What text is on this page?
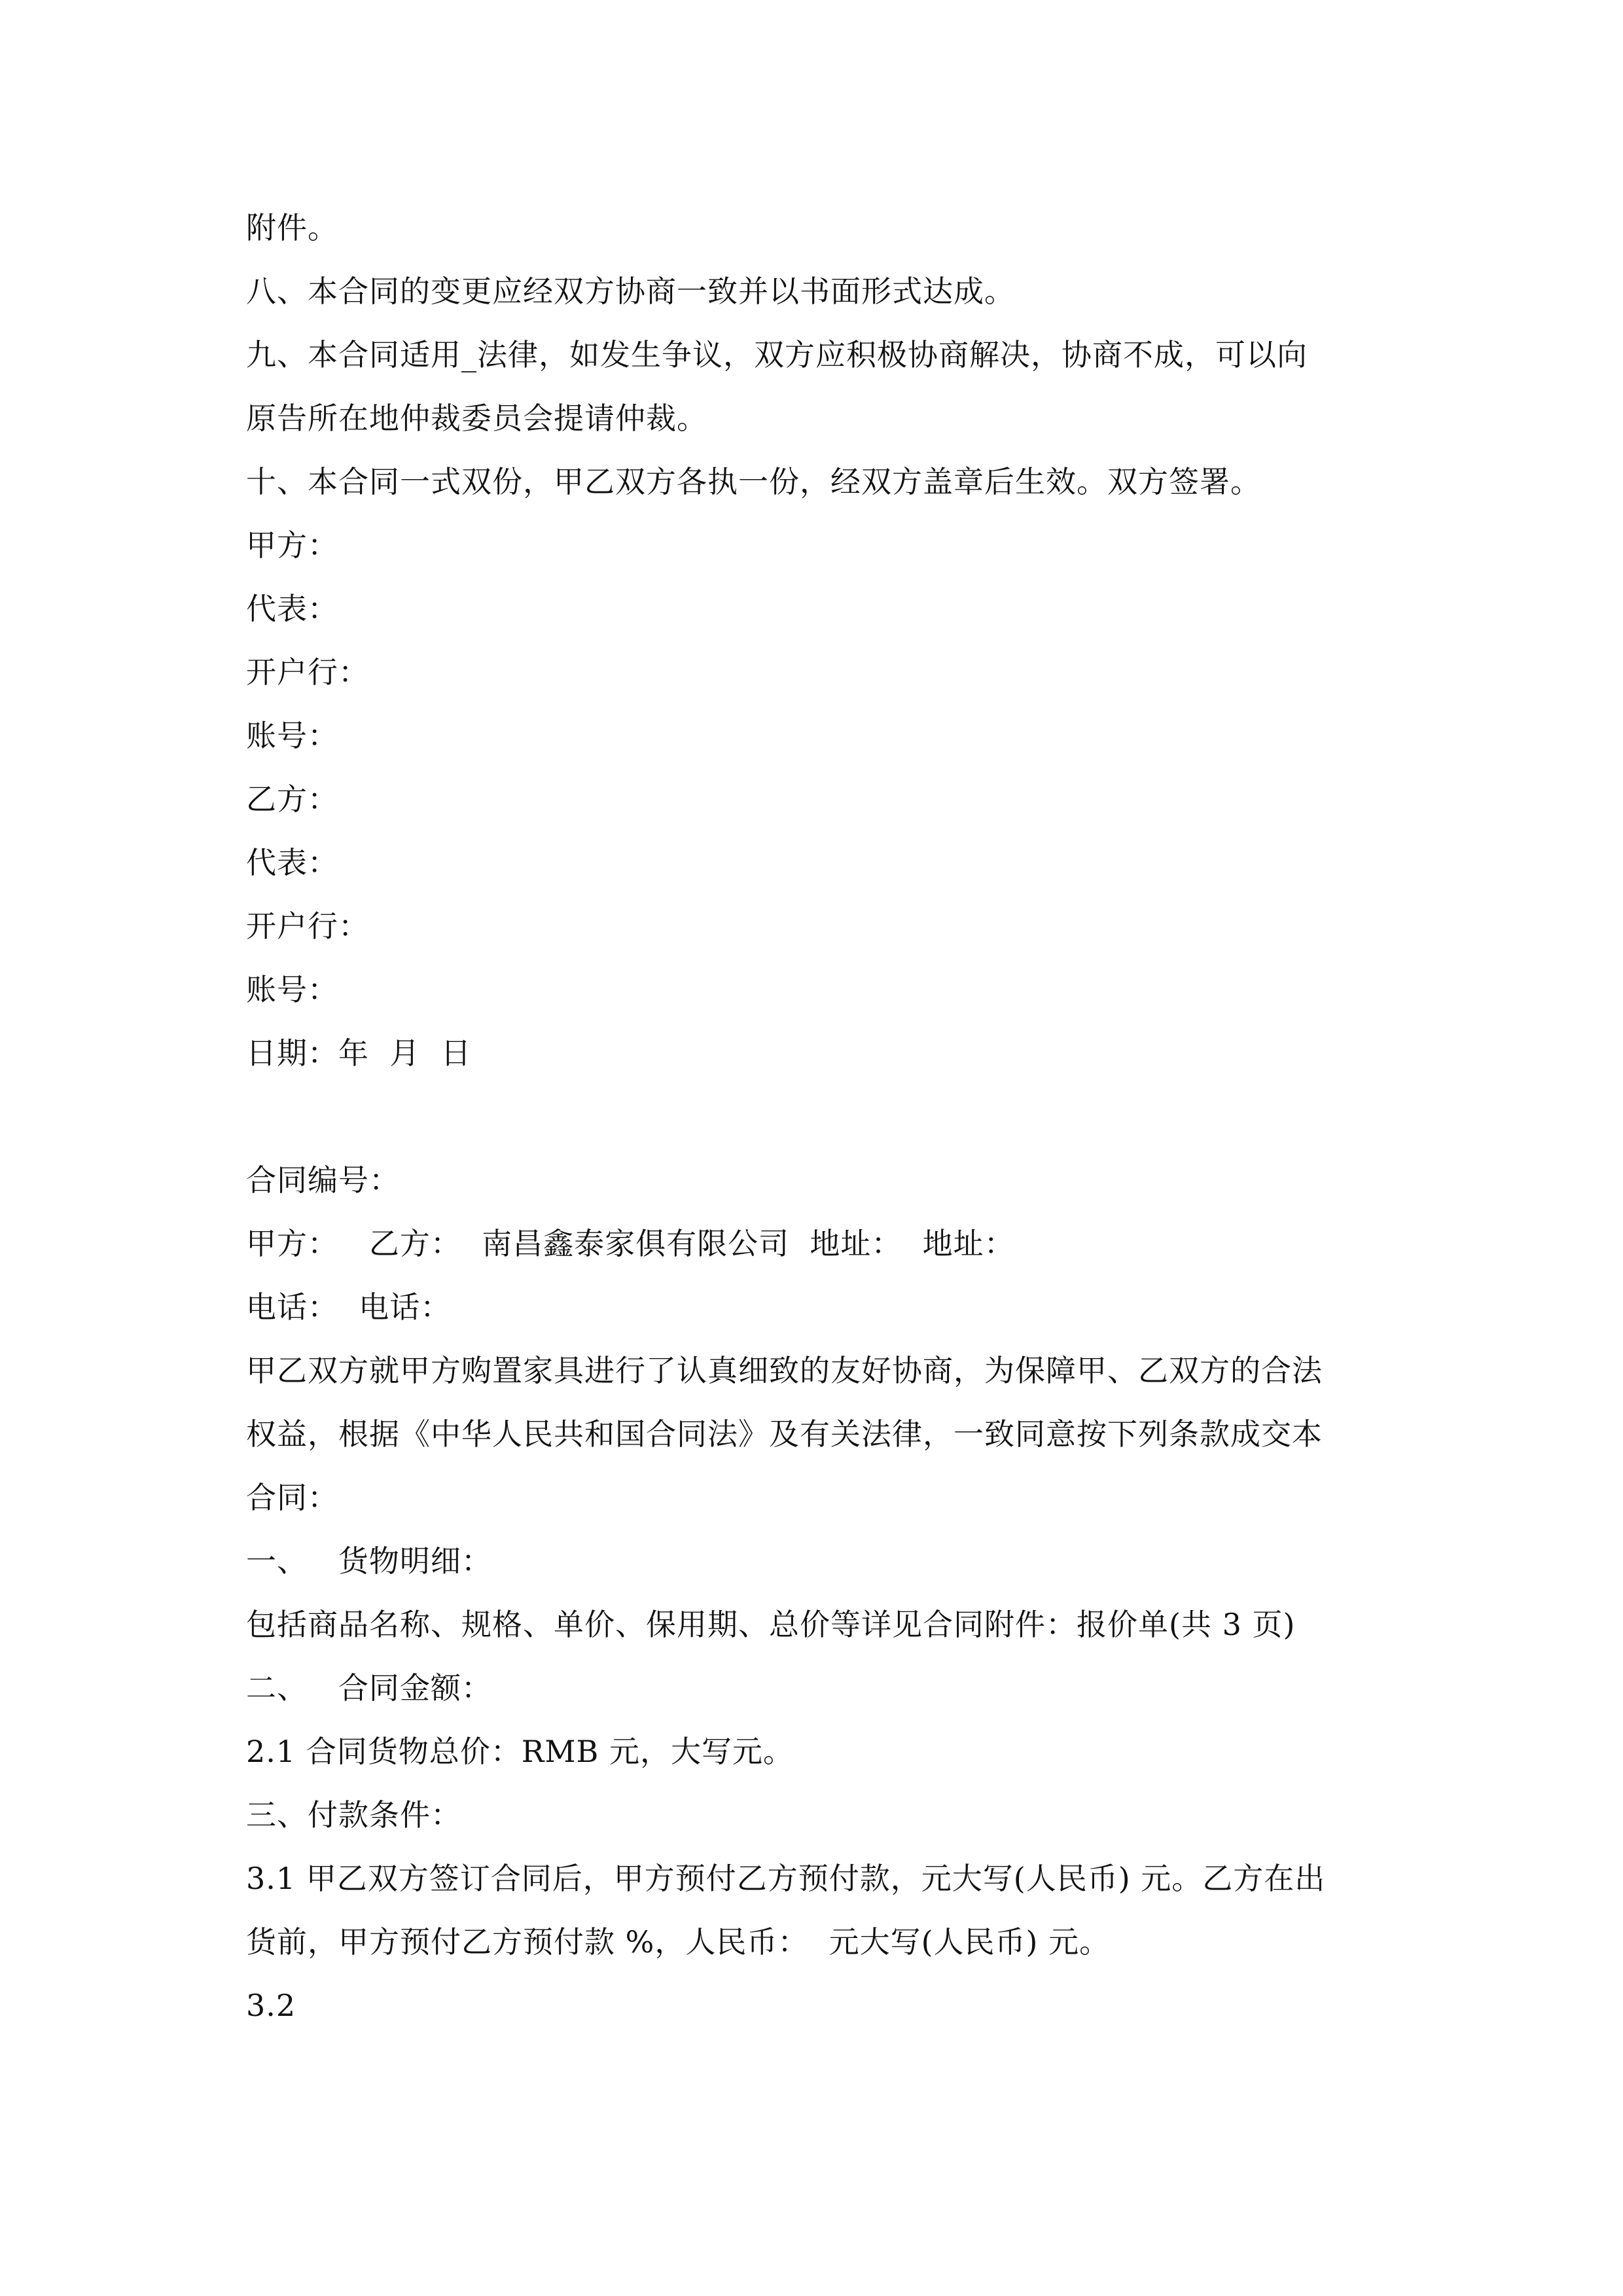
附件。
八、本合同的变更应经双方协商一致并以书面形式达成。
九、本合同适用_法律，如发生争议，双方应积极协商解决，协商不成，可以向
原告所在地仲裁委员会提请仲裁。
十、本合同一式双份，甲乙双方各执一份，经双方盖章后生效。双方签署。
甲方：
代表：
开户行：
账号：
乙方：
代表：
开户行：
账号：
日期：年  月  日
合同编号：
甲方：   乙方：  南昌鑫泰家俱有限公司  地址：  地址：
电话：  电话：
甲乙双方就甲方购置家具进行了认真细致的友好协商，为保障甲、乙双方的合法
权益，根据《中华人民共和国合同法》及有关法律，一致同意按下列条款成交本
合同：
一、   货物明细：
包括商品名称、规格、单价、保用期、总价等详见合同附件：报价单(共 3 页)
二、   合同金额：
2.1 合同货物总价：RMB 元，大写元。
三、付款条件：
3.1 甲乙双方签订合同后，甲方预付乙方预付款，元大写(人民币) 元。乙方在出
货前，甲方预付乙方预付款 %，人民币：  元大写(人民币) 元。
3.2
